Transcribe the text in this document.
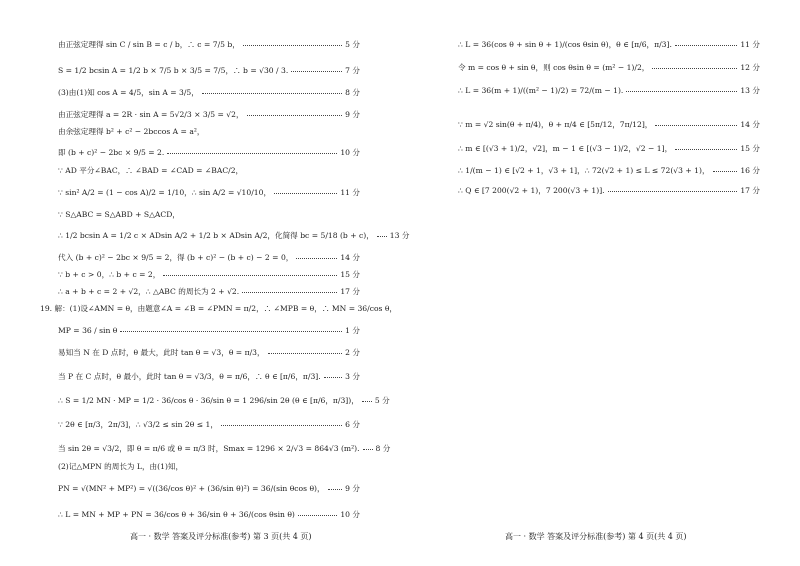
由正弦定理得 sin C / sin B = c / b，∴ c = 7/5 b，	5 分
S = 1/2 bcsin A = 1/2 b × 7/5 b × 3/5 = 7/5，∴ b = √30 / 3.	7 分
(3)由(1)知 cos A = 4/5，sin A = 3/5，	8 分
由正弦定理得 a = 2R · sin A = 5√2/3 × 3/5 = √2，	9 分
由余弦定理得 b² + c² − 2bccos A = a²，
即 (b + c)² − 2bc × 9/5 = 2.	10 分
∵ AD 平分∠BAC，∴ ∠BAD = ∠CAD = ∠BAC/2，
∵ sin² A/2 = (1 − cos A)/2 = 1/10，∴ sin A/2 = √10/10，	11 分
∵ S△ABC = S△ABD + S△ACD，
∴ 1/2 bcsin A = 1/2 c × ADsin A/2 + 1/2 b × ADsin A/2，化简得 bc = 5/18 (b + c)， 13 分
代入 (b + c)² − 2bc × 9/5 = 2，得 (b + c)² − (b + c) − 2 = 0，	14 分
∵ b + c > 0，∴ b + c = 2，	15 分
∴ a + b + c = 2 + √2，∴ △ABC 的周长为 2 + √2.	17 分
19. 解：(1)设∠AMN = θ，由题意∠A = ∠B = ∠PMN = π/2，∴ ∠MPB = θ，∴ MN = 36/cos θ，
MP = 36 / sin θ	1 分
易知当 N 在 D 点时，θ 最大，此时 tan θ = √3，θ = π/3，	2 分
当 P 在 C 点时，θ 最小，此时 tan θ = √3/3，θ = π/6，∴ θ ∈ [π/6，π/3].	3 分
∴ S = 1/2 MN · MP = 1/2 · 36/cos θ · 36/sin θ = 1 296/sin 2θ (θ ∈ [π/6，π/3])， 5 分
∵ 2θ ∈ [π/3，2π/3]，∴ √3/2 ≤ sin 2θ ≤ 1，	6 分
当 sin 2θ = √3/2，即 θ = π/6 或 θ = π/3 时，Smax = 1296 × 2/√3 = 864√3 (m²). 8 分
(2)记△MPN 的周长为 L，由(1)知，
PN = √(MN² + MP²) = √((36/cos θ)² + (36/sin θ)²) = 36/(sin θcos θ)，	9 分
∴ L = MN + MP + PN = 36/cos θ + 36/sin θ + 36/(cos θsin θ)	10 分
高一 · 数学 答案及评分标准(参考) 第 3 页(共 4 页)
∴ L = 36(cos θ + sin θ + 1)/(cos θsin θ)，θ ∈ [π/6，π/3].	11 分
令 m = cos θ + sin θ，则 cos θsin θ = (m² − 1)/2，	12 分
∴ L = 36(m + 1)/((m² − 1)/2) = 72/(m − 1).	13 分
∵ m = √2 sin(θ + π/4)，θ + π/4 ∈ [5π/12，7π/12]，	14 分
∴ m ∈ [(√3 + 1)/2，√2]，m − 1 ∈ [(√3 − 1)/2，√2 − 1]，	15 分
∴ 1/(m − 1) ∈ [√2 + 1，√3 + 1]，∴ 72(√2 + 1) ≤ L ≤ 72(√3 + 1)，	16 分
∴ Q ∈ [7 200(√2 + 1)，7 200(√3 + 1)].	17 分
高一 · 数学 答案及评分标准(参考) 第 4 页(共 4 页)
